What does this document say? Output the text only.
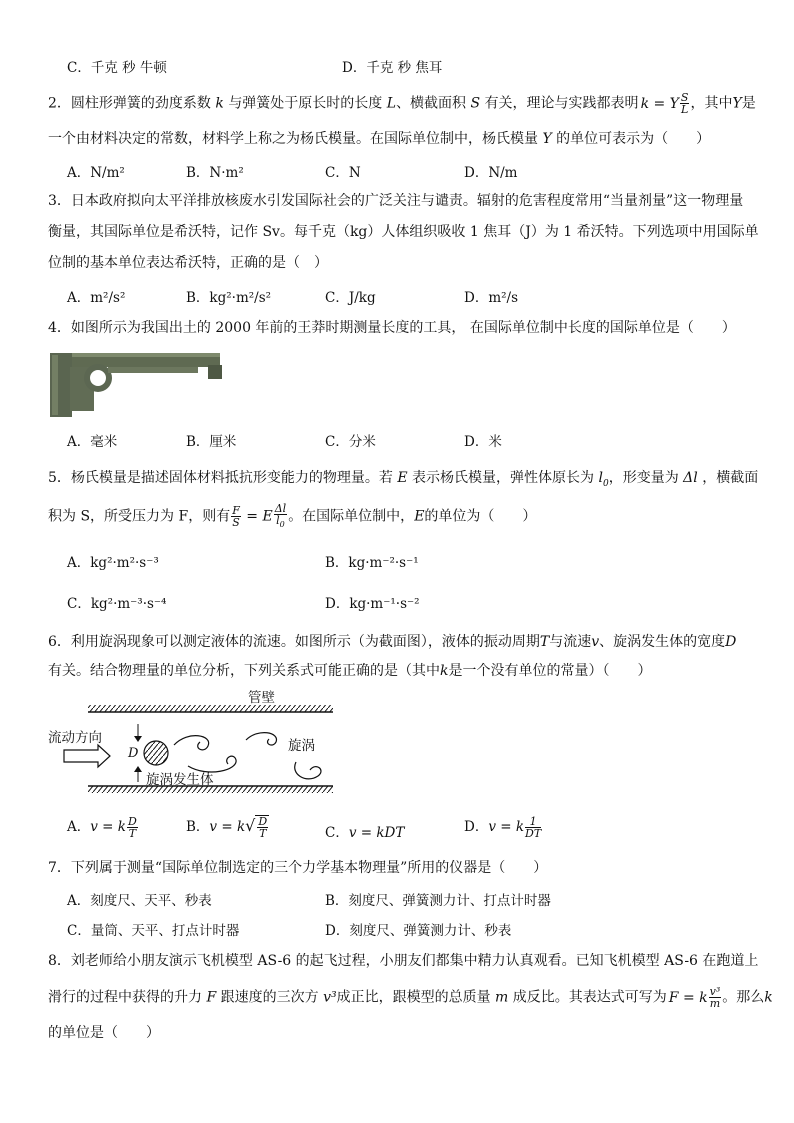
C．千克 秒 牛顿	D．千克 秒 焦耳
2．圆柱形弹簧的劲度系数 k 与弹簧处于原长时的长度 L、横截面积 S 有关，理论与实践都表明 k = Y $\frac{S}{L}$ ，其中Y是
一个由材料决定的常数，材料学上称之为杨氏模量。在国际单位制中，杨氏模量 Y 的单位可表示为（　　）
A．N/m²	B．N·m²	C．N	D．N/m
3．日本政府拟向太平洋排放核废水引发国际社会的广泛关注与谴责。辐射的危害程度常用“当量剂量”这一物理量
衡量，其国际单位是希沃特，记作 Sv。每千克（kg）人体组织吸收 1 焦耳（J）为 1 希沃特。下列选项中用国际单
位制的基本单位表达希沃特，正确的是（　）
A．m²/s²	B．kg²·m²/s²	C．J/kg	D．m²/s
4．如图所示为我国出土的 2000 年前的王莽时期测量长度的工具， 在国际单位制中长度的国际单位是（　　）
A．毫米	B．厘米	C．分米	D．米
5．杨氏模量是描述固体材料抵抗形变能力的物理量。若 E 表示杨氏模量，弹性体原长为 $l_0$，形变量为 Δl ，横截面
积为 S，所受压力为 F，则有 $\frac{F}{S} = E \frac{\Delta l}{l_0}$ 。在国际单位制中，E的单位为（　　）
A．kg²·m²·s⁻³	B．kg·m⁻²·s⁻¹
C．kg²·m⁻³·s⁻⁴	D．kg·m⁻¹·s⁻²
6．利用旋涡现象可以测定液体的流速。如图所示（为截面图），液体的振动周期T与流速v、旋涡发生体的宽度D
有关。结合物理量的单位分析，下列关系式可能正确的是（其中k是一个没有单位的常量）（　　）
管壁
流动方向
D	旋涡
旋涡发生体
A．v = k $\frac{D}{T}$	B．$v = k√ \frac{D}{T}$	C．v = kDT	D．v = k $\frac{1}{DT}$
7．下列属于测量“国际单位制选定的三个力学基本物理量”所用的仪器是（　　）
A．刻度尺、天平、秒表	B．刻度尺、弹簧测力计、打点计时器
C．量筒、天平、打点计时器	D．刻度尺、弹簧测力计、秒表
8．刘老师给小朋友演示飞机模型 AS-6 的起飞过程，小朋友们都集中精力认真观看。已知飞机模型 AS-6 在跑道上
滑行的过程中获得的升力 F 跟速度的三次方 v³成正比，跟模型的总质量 m 成反比。其表达式可写为 F = k $\frac{\text{v³}}{m}$ 。那么k
的单位是（　　）
